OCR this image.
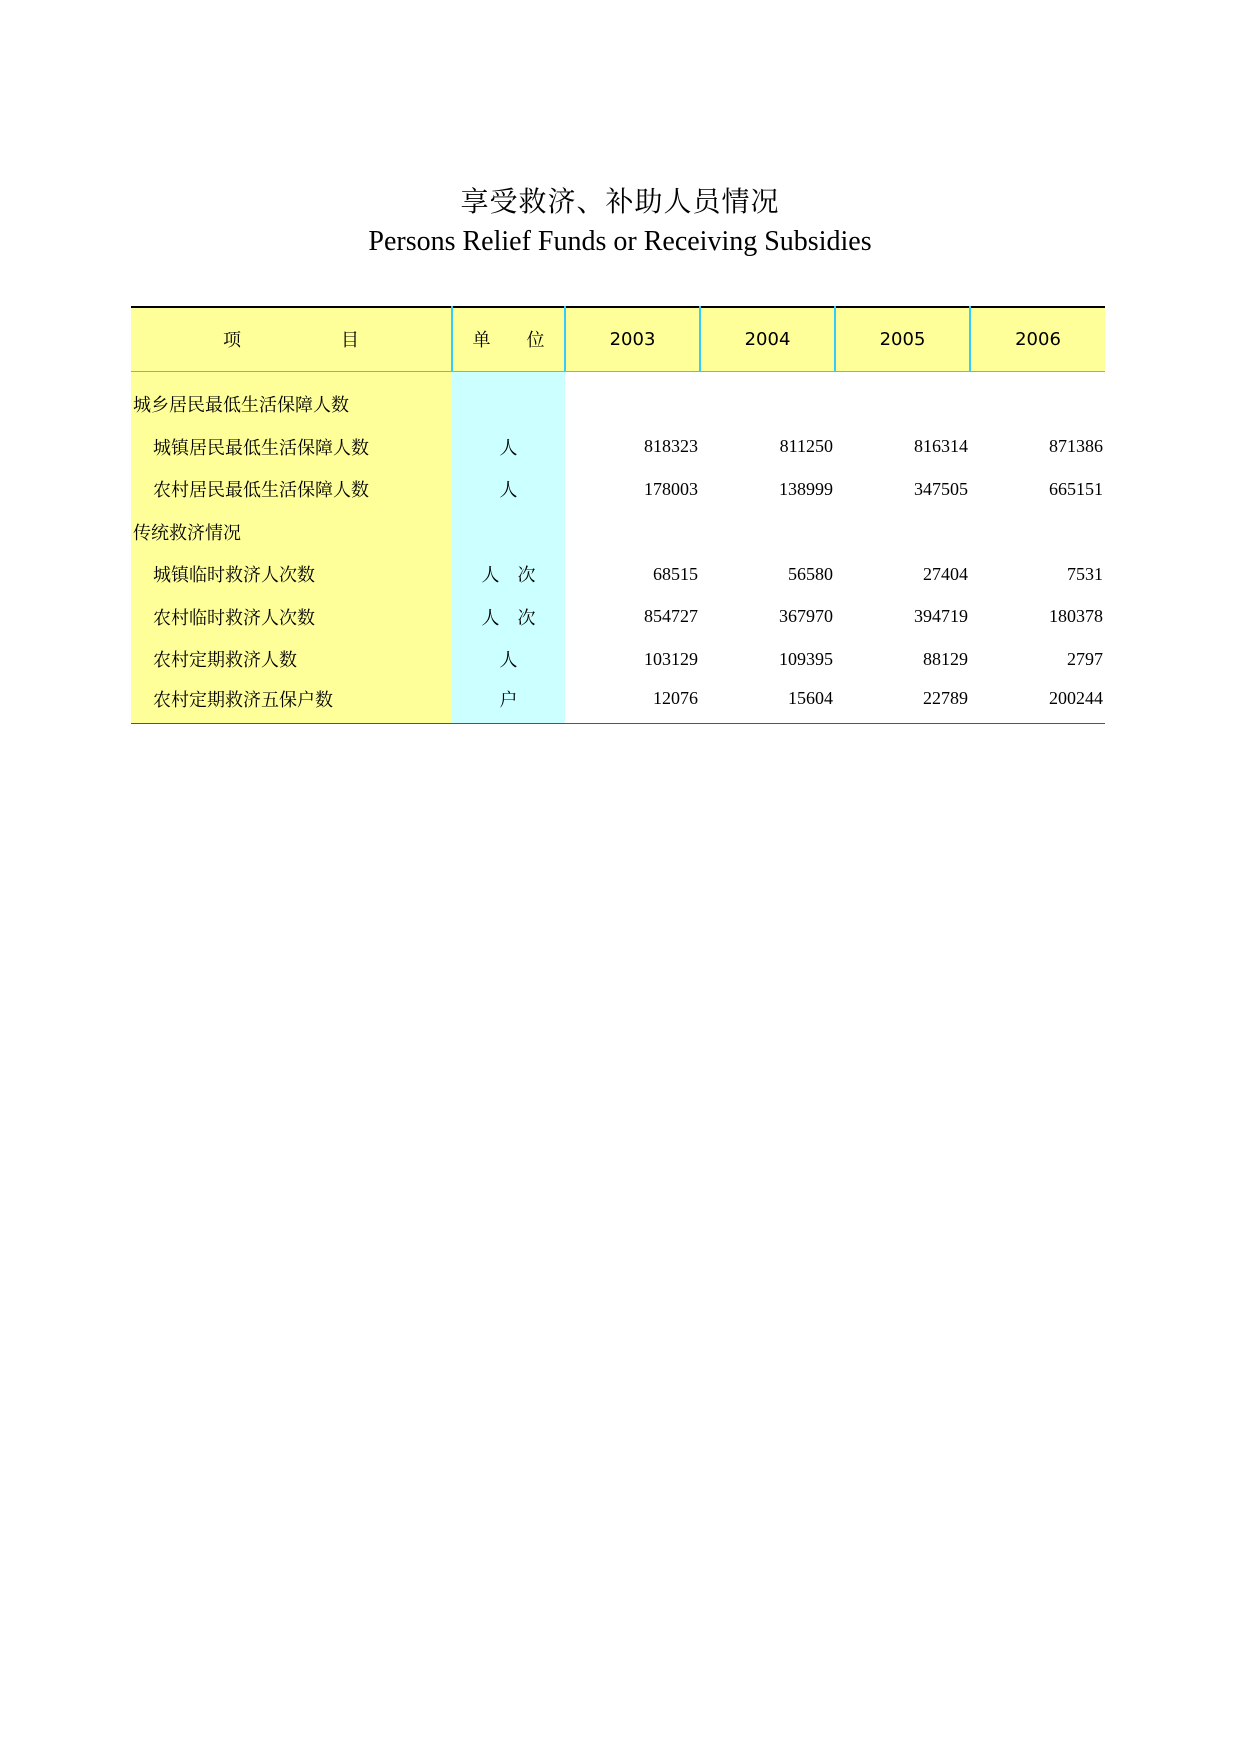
享受救济、补助人员情况
Persons Relief Funds or Receiving Subsidies
项 目	单 位	2003	2004	2005	2006

城乡居民最低生活保障人数					
城镇居民最低生活保障人数	人	818323	811250	816314	871386
农村居民最低生活保障人数	人	178003	138999	347505	665151
传统救济情况					
城镇临时救济人次数	人　次	68515	56580	27404	7531
农村临时救济人次数	人　次	854727	367970	394719	180378
农村定期救济人数	人	103129	109395	88129	2797
农村定期救济五保户数	户	12076	15604	22789	200244
